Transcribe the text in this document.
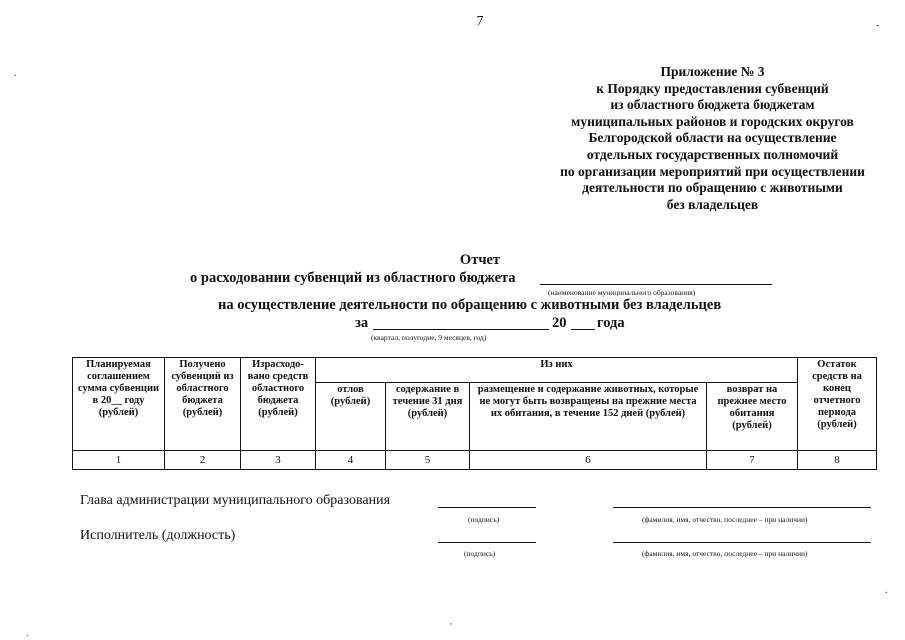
7
Приложение № 3
к Порядку предоставления субвенций
из областного бюджета бюджетам
муниципальных районов и городских округов
Белгородской области на осуществление
отдельных государственных полномочий
по организации мероприятий при осуществлении
деятельности по обращению с животными
без владельцев
Отчет
о расходовании субвенций из областного бюджета
(наименование муниципального образования)
на осуществление деятельности по обращению с животными без владельцев
за	20 года
(квартал, полугодие, 9 месяцев, год)
Планируемая соглашением сумма субвенции в 20__ году (рублей)	Получено субвенций из областного бюджета (рублей)	Израсходо-вано средств областного бюджета (рублей)	Из них				Остаток средств на конец отчетного периода (рублей)
			отлов (рублей)	содержание в течение 31 дня (рублей)	размещение и содержание животных, которые не могут быть возвращены на прежние места их обитания, в течение 152 дней (рублей)	возврат на прежнее место обитания (рублей)	
1	2	3	4	5	6	7	8
Глава администрации муниципального образования
(подпись)	(фамилия, имя, отчество, последнее – при наличии)
Исполнитель (должность)
(подпись)	(фамилия, имя, отчество, последнее – при наличии)
-
.
.
'
.
